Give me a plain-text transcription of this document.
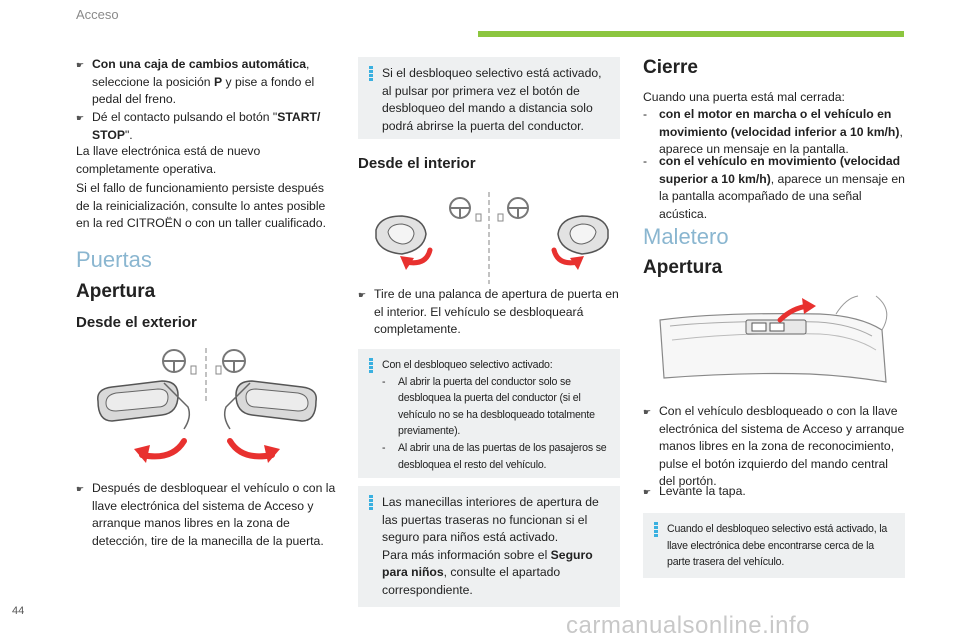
Acceso
☛ Con una caja de cambios automática, seleccione la posición P y pise a fondo el pedal del freno.
☛ Dé el contacto pulsando el botón "START/ STOP".
La llave electrónica está de nuevo completamente operativa.
Si el fallo de funcionamiento persiste después de la reinicialización, consulte lo antes posible en la red CITROËN o con un taller cualificado.
Puertas
Apertura
Desde el exterior
☛ Después de desbloquear el vehículo o con la llave electrónica del sistema de Acceso y arranque manos libres en la zona de detección, tire de la manecilla de la puerta.
Si el desbloqueo selectivo está activado, al pulsar por primera vez el botón de desbloqueo del mando a distancia solo podrá abrirse la puerta del conductor.
Desde el interior
☛ Tire de una palanca de apertura de puerta en el interior. El vehículo se desbloqueará completamente.
Con el desbloqueo selectivo activado:
-	Al abrir la puerta del conductor solo se desbloquea la puerta del conductor (si el vehículo no se ha desbloqueado totalmente previamente).
-	Al abrir una de las puertas de los pasajeros se desbloquea el resto del vehículo.
Las manecillas interiores de apertura de las puertas traseras no funcionan si el seguro para niños está activado.
Para más información sobre el Seguro para niños, consulte el apartado correspondiente.
Cierre
Cuando una puerta está mal cerrada:
- con el motor en marcha o el vehículo en movimiento (velocidad inferior a 10 km/h), aparece un mensaje en la pantalla.
- con el vehículo en movimiento (velocidad superior a 10 km/h), aparece un mensaje en la pantalla acompañado de una señal acústica.
Maletero
Apertura
☛ Con el vehículo desbloqueado o con la llave electrónica del sistema de Acceso y arranque manos libres en la zona de reconocimiento, pulse el botón izquierdo del mando central del portón.
☛ Levante la tapa.
Cuando el desbloqueo selectivo está activado, la llave electrónica debe encontrarse cerca de la parte trasera del vehículo.
44
carmanualsonline.info
